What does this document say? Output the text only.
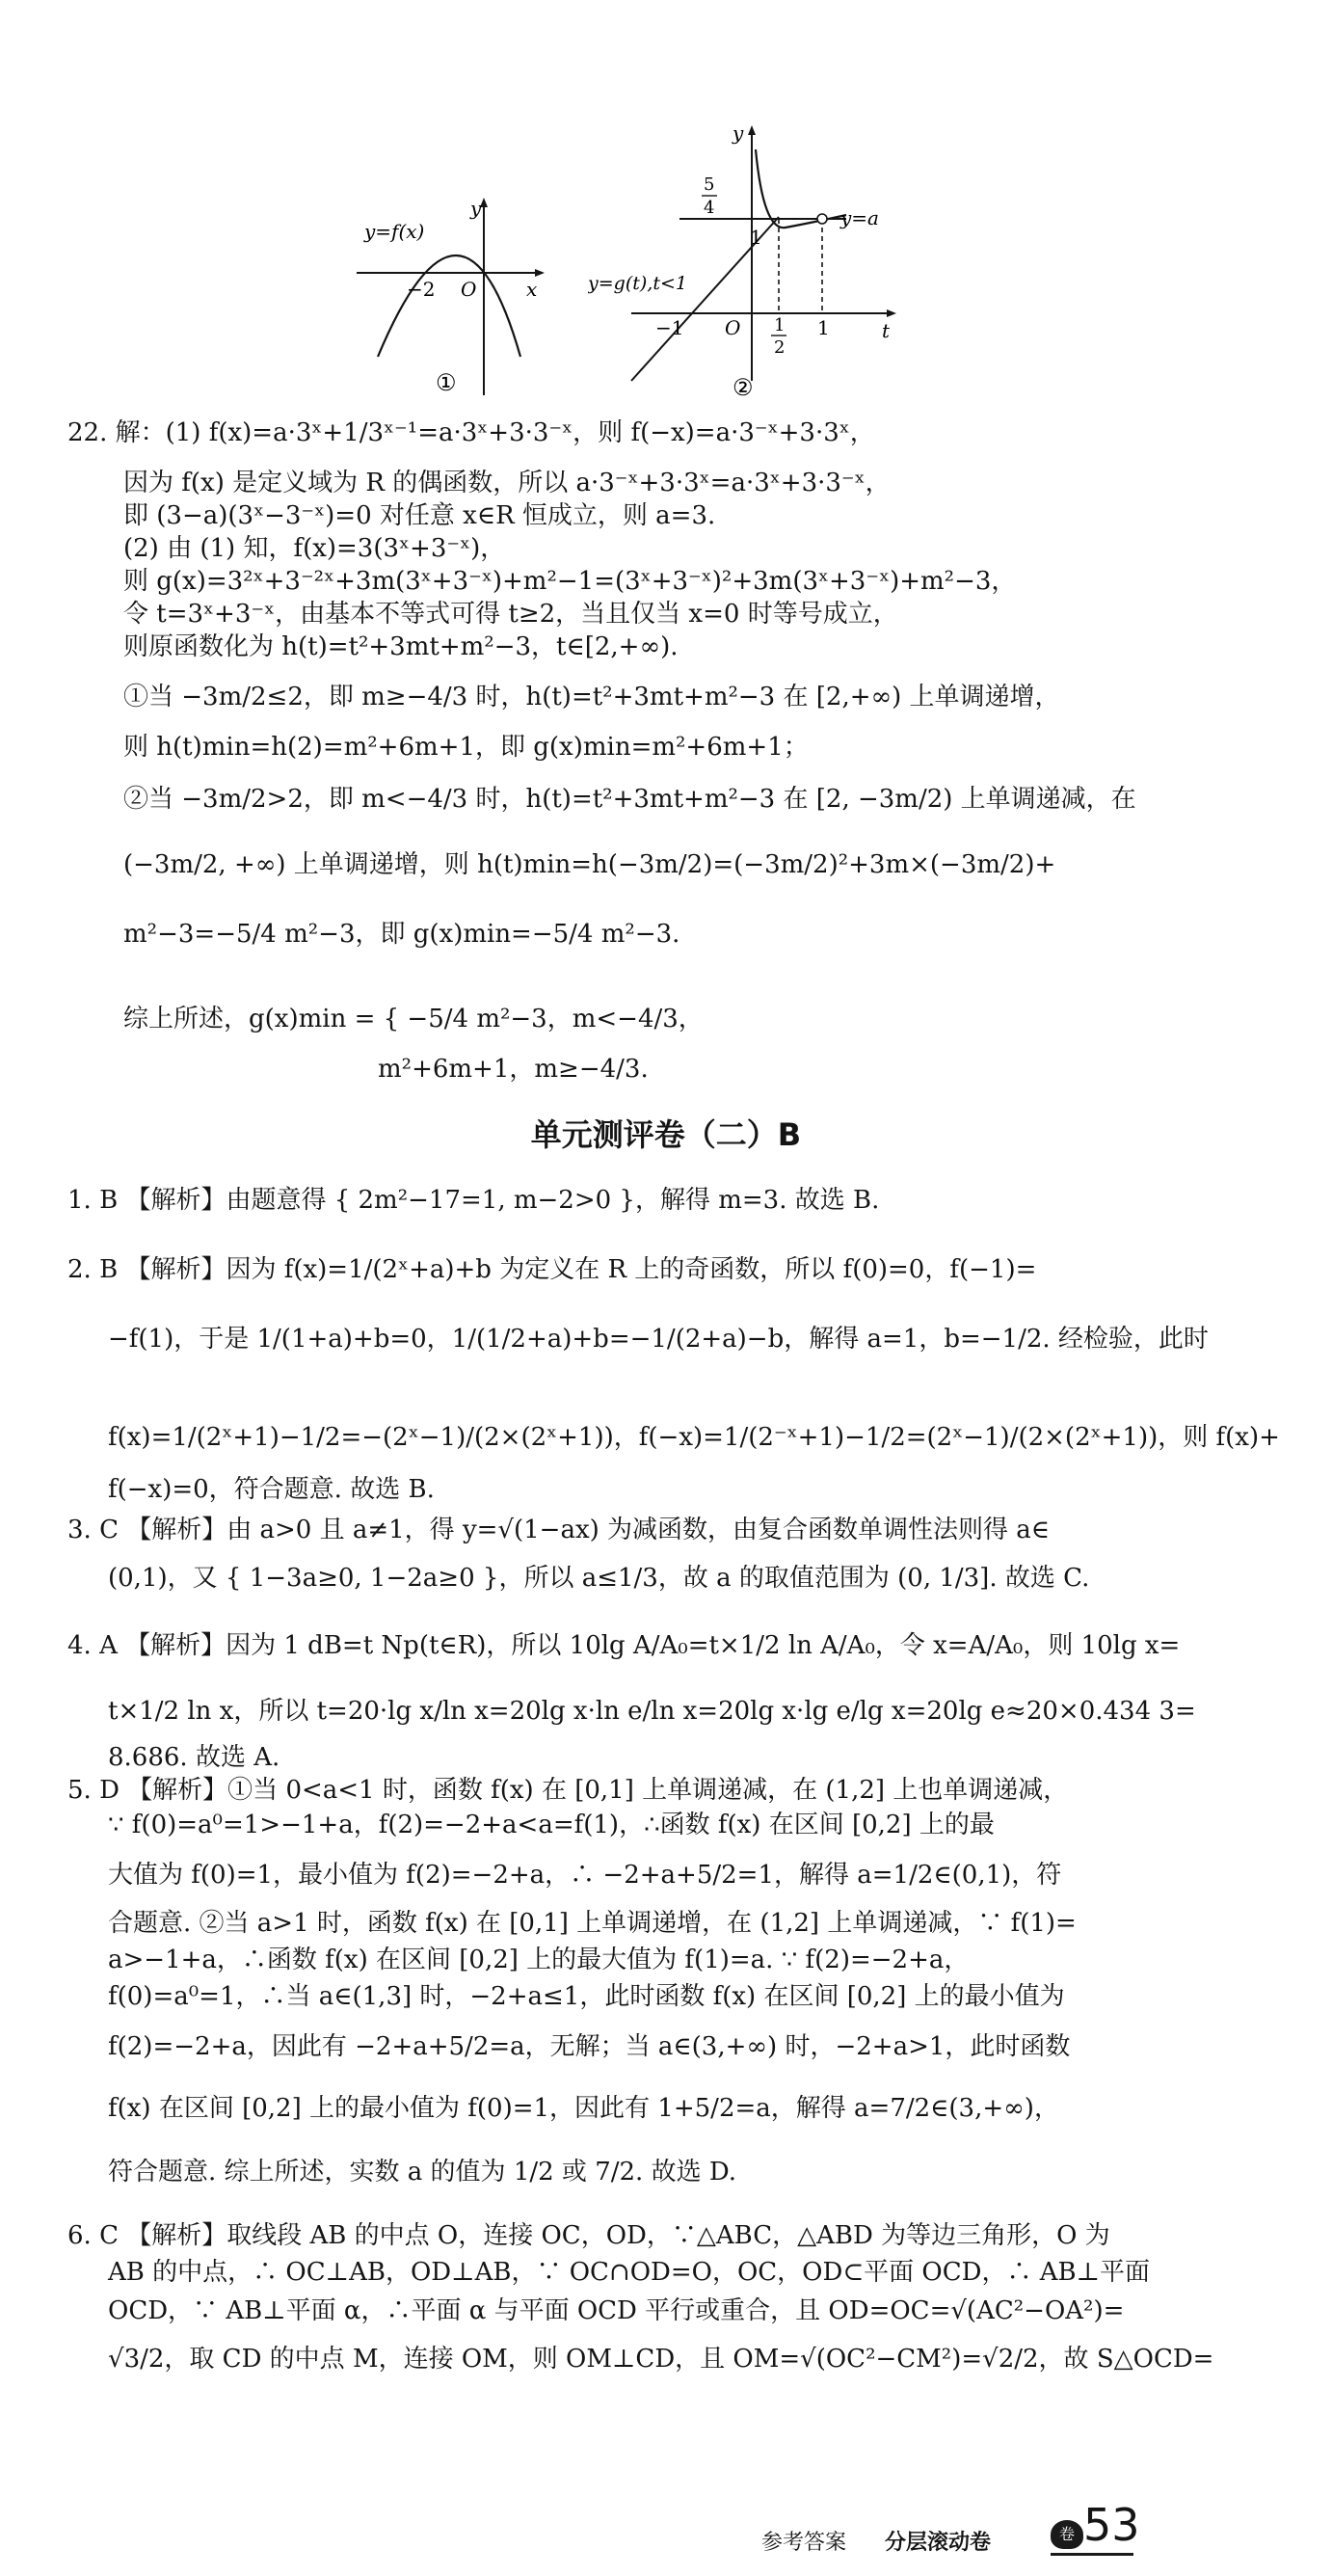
y=f(x)
y
x
−2 O
①
y
t
5
4
1
y=a
y=g(t),t<1
−1 O 1
2
1
②
22. 解：(1) f(x)=a·3ˣ+1/3ˣ⁻¹=a·3ˣ+3·3⁻ˣ，则 f(−x)=a·3⁻ˣ+3·3ˣ，
因为 f(x) 是定义域为 R 的偶函数，所以 a·3⁻ˣ+3·3ˣ=a·3ˣ+3·3⁻ˣ，
即 (3−a)(3ˣ−3⁻ˣ)=0 对任意 x∈R 恒成立，则 a=3.
(2) 由 (1) 知，f(x)=3(3ˣ+3⁻ˣ)，
则 g(x)=3²ˣ+3⁻²ˣ+3m(3ˣ+3⁻ˣ)+m²−1=(3ˣ+3⁻ˣ)²+3m(3ˣ+3⁻ˣ)+m²−3，
令 t=3ˣ+3⁻ˣ，由基本不等式可得 t≥2，当且仅当 x=0 时等号成立，
则原函数化为 h(t)=t²+3mt+m²−3，t∈[2,+∞).
①当 −3m/2≤2，即 m≥−4/3 时，h(t)=t²+3mt+m²−3 在 [2,+∞) 上单调递增，
则 h(t)min=h(2)=m²+6m+1，即 g(x)min=m²+6m+1；
②当 −3m/2>2，即 m<−4/3 时，h(t)=t²+3mt+m²−3 在 [2, −3m/2) 上单调递减，在
(−3m/2, +∞) 上单调递增，则 h(t)min=h(−3m/2)=(−3m/2)²+3m×(−3m/2)+
m²−3=−5/4 m²−3，即 g(x)min=−5/4 m²−3.
综上所述，g(x)min = { −5/4 m²−3，m<−4/3，
m²+6m+1，m≥−4/3.
单元测评卷（二）B
1. B 【解析】由题意得 { 2m²−17=1, m−2>0 }，解得 m=3. 故选 B.
2. B 【解析】因为 f(x)=1/(2ˣ+a)+b 为定义在 R 上的奇函数，所以 f(0)=0，f(−1)=
−f(1)，于是 1/(1+a)+b=0，1/(1/2+a)+b=−1/(2+a)−b，解得 a=1，b=−1/2. 经检验，此时
f(x)=1/(2ˣ+1)−1/2=−(2ˣ−1)/(2×(2ˣ+1))，f(−x)=1/(2⁻ˣ+1)−1/2=(2ˣ−1)/(2×(2ˣ+1))，则 f(x)+
f(−x)=0，符合题意. 故选 B.
3. C 【解析】由 a>0 且 a≠1，得 y=√(1−ax) 为减函数，由复合函数单调性法则得 a∈
(0,1)，又 { 1−3a≥0, 1−2a≥0 }，所以 a≤1/3，故 a 的取值范围为 (0, 1/3]. 故选 C.
4. A 【解析】因为 1 dB=t Np(t∈R)，所以 10lg A/A₀=t×1/2 ln A/A₀，令 x=A/A₀，则 10lg x=
t×1/2 ln x，所以 t=20·lg x/ln x=20lg x·ln e/ln x=20lg x·lg e/lg x=20lg e≈20×0.434 3=
8.686. 故选 A.
5. D 【解析】①当 0<a<1 时，函数 f(x) 在 [0,1] 上单调递减，在 (1,2] 上也单调递减，
∵ f(0)=a⁰=1>−1+a，f(2)=−2+a<a=f(1)，∴函数 f(x) 在区间 [0,2] 上的最
大值为 f(0)=1，最小值为 f(2)=−2+a，∴ −2+a+5/2=1，解得 a=1/2∈(0,1)，符
合题意. ②当 a>1 时，函数 f(x) 在 [0,1] 上单调递增，在 (1,2] 上单调递减，∵ f(1)=
a>−1+a，∴函数 f(x) 在区间 [0,2] 上的最大值为 f(1)=a. ∵ f(2)=−2+a，
f(0)=a⁰=1，∴当 a∈(1,3] 时，−2+a≤1，此时函数 f(x) 在区间 [0,2] 上的最小值为
f(2)=−2+a，因此有 −2+a+5/2=a，无解；当 a∈(3,+∞) 时，−2+a>1，此时函数
f(x) 在区间 [0,2] 上的最小值为 f(0)=1，因此有 1+5/2=a，解得 a=7/2∈(3,+∞)，
符合题意. 综上所述，实数 a 的值为 1/2 或 7/2. 故选 D.
6. C 【解析】取线段 AB 的中点 O，连接 OC，OD，∵△ABC，△ABD 为等边三角形，O 为
AB 的中点，∴ OC⊥AB，OD⊥AB，∵ OC∩OD=O，OC，OD⊂平面 OCD，∴ AB⊥平面
OCD，∵ AB⊥平面 α，∴平面 α 与平面 OCD 平行或重合，且 OD=OC=√(AC²−OA²)=
√3/2，取 CD 的中点 M，连接 OM，则 OM⊥CD，且 OM=√(OC²−CM²)=√2/2，故 S△OCD=
参考答案 分层滚动卷	卷 53
